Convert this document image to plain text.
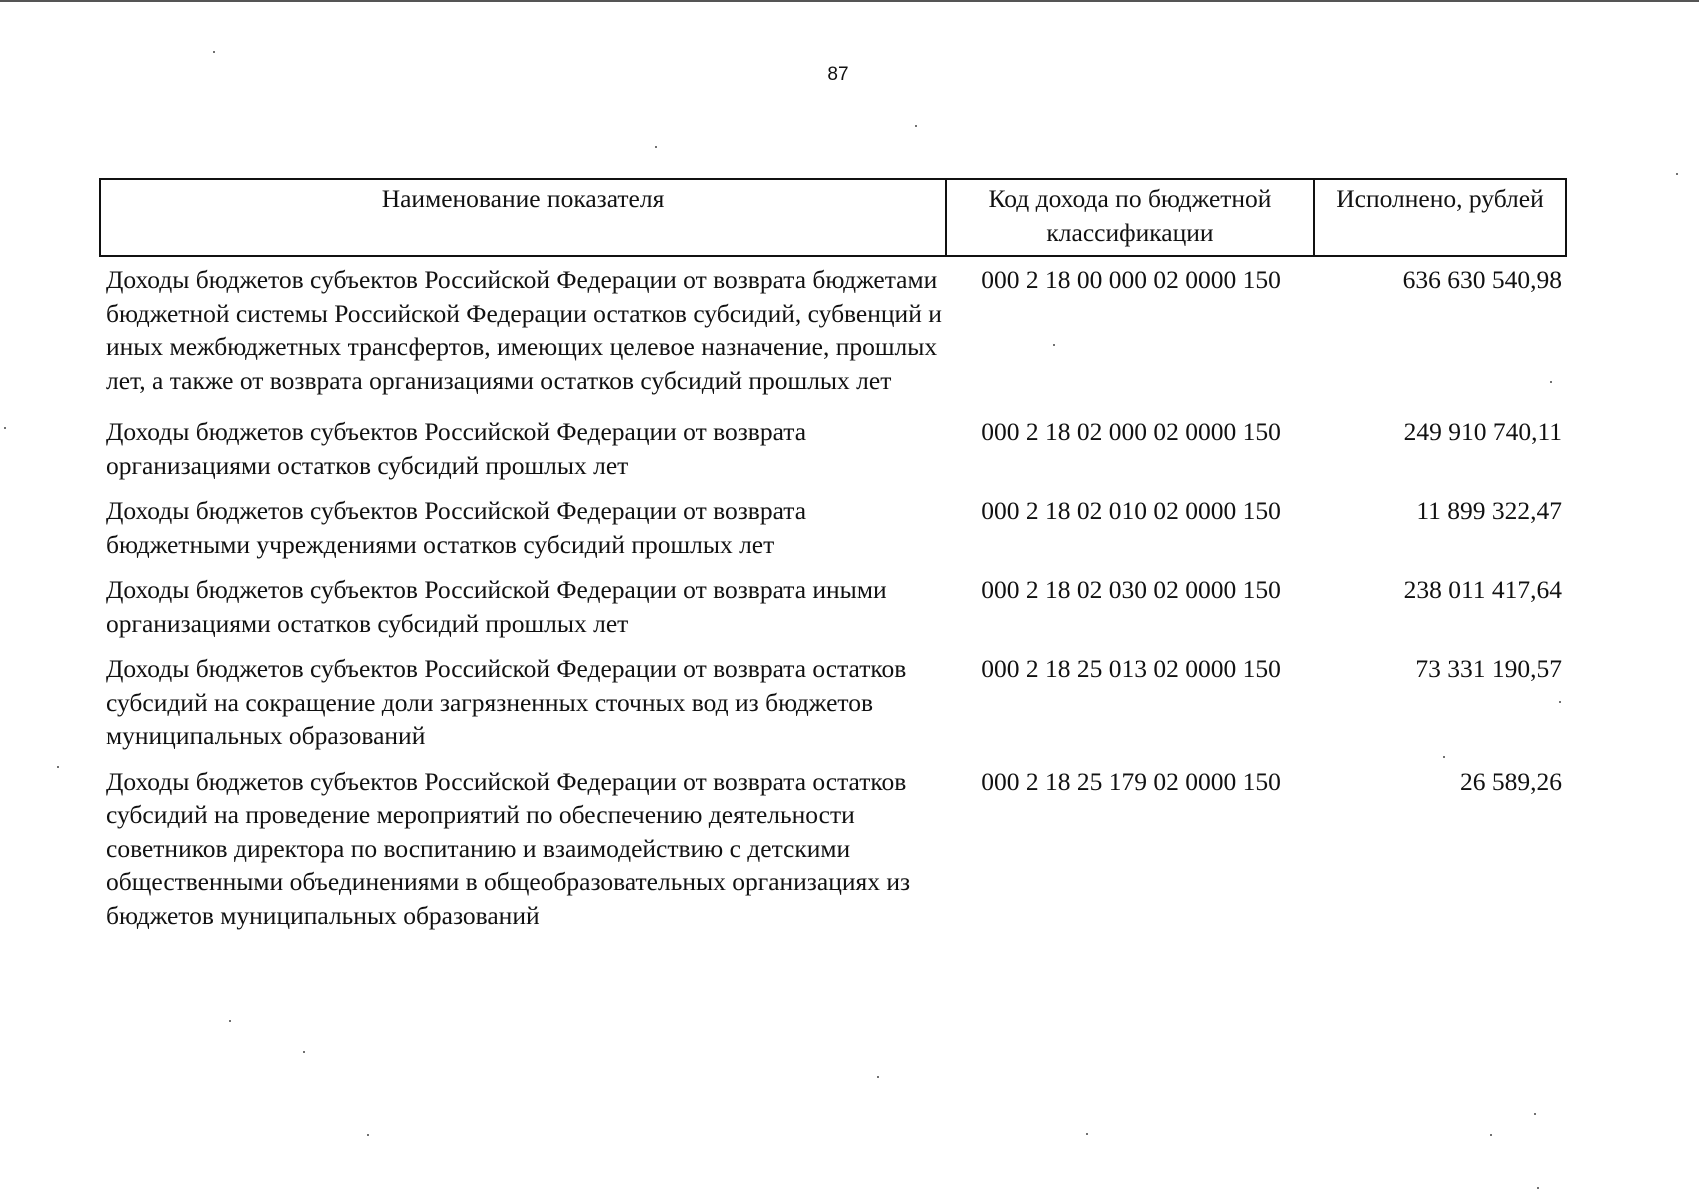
87
Наименование показателя	Код дохода по бюджетной классификации	Исполнено, рублей
Доходы бюджетов субъектов Российской Федерации от возврата бюджетами бюджетной системы Российской Федерации остатков субсидий, субвенций и иных межбюджетных трансфертов, имеющих целевое назначение, прошлых лет, а также от возврата организациями остатков субсидий прошлых лет	000 2 18 00 000 02 0000 150	636 630 540,98
Доходы бюджетов субъектов Российской Федерации от возврата организациями остатков субсидий прошлых лет	000 2 18 02 000 02 0000 150	249 910 740,11
Доходы бюджетов субъектов Российской Федерации от возврата бюджетными учреждениями остатков субсидий прошлых лет	000 2 18 02 010 02 0000 150	11 899 322,47
Доходы бюджетов субъектов Российской Федерации от возврата иными организациями остатков субсидий прошлых лет	000 2 18 02 030 02 0000 150	238 011 417,64
Доходы бюджетов субъектов Российской Федерации от возврата остатков субсидий на сокращение доли загрязненных сточных вод из бюджетов муниципальных образований	000 2 18 25 013 02 0000 150	73 331 190,57
Доходы бюджетов субъектов Российской Федерации от возврата остатков субсидий на проведение мероприятий по обеспечению деятельности советников директора по воспитанию и взаимодействию с детскими общественными объединениями в общеобразовательных организациях из бюджетов муниципальных образований	000 2 18 25 179 02 0000 150	26 589,26
